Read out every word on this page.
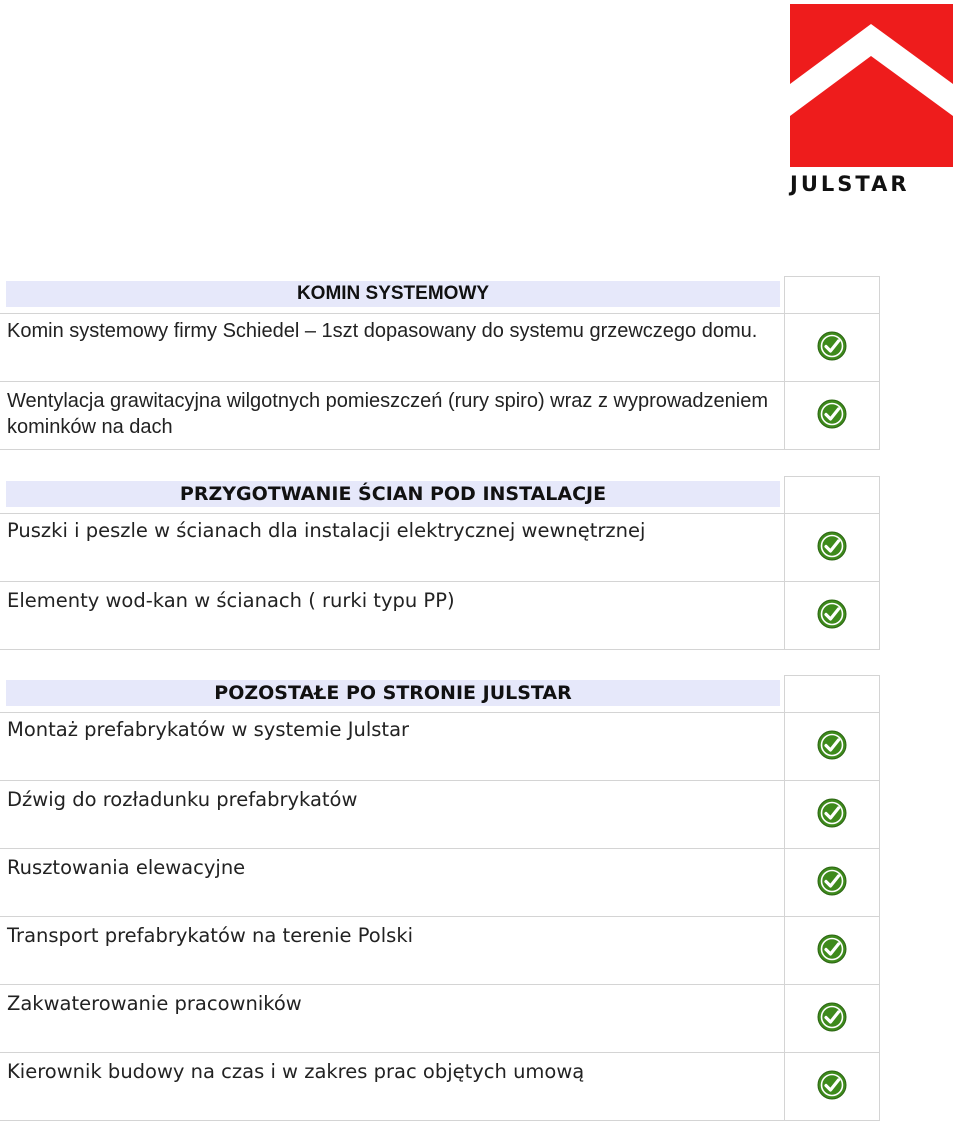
JULSTAR
KOMIN SYSTEMOWY	

Komin systemowy firmy Schiedel – 1szt dopasowany do systemu grzewczego domu.

Wentylacja grawitacyjna wilgotnych pomieszczeń (rury spiro) wraz z wyprowadzeniem kominków na dach

PRZYGOTWANIE ŚCIAN POD INSTALACJE	

Puszki i peszle w ścianach dla instalacji elektrycznej wewnętrznej

Elementy wod-kan w ścianach ( rurki typu PP)

POZOSTAŁE PO STRONIE JULSTAR	

Montaż prefabrykatów w systemie Julstar

Dźwig do rozładunku prefabrykatów

Rusztowania elewacyjne

Transport prefabrykatów na terenie Polski

Zakwaterowanie pracowników

Kierownik budowy na czas i w zakres prac objętych umową
